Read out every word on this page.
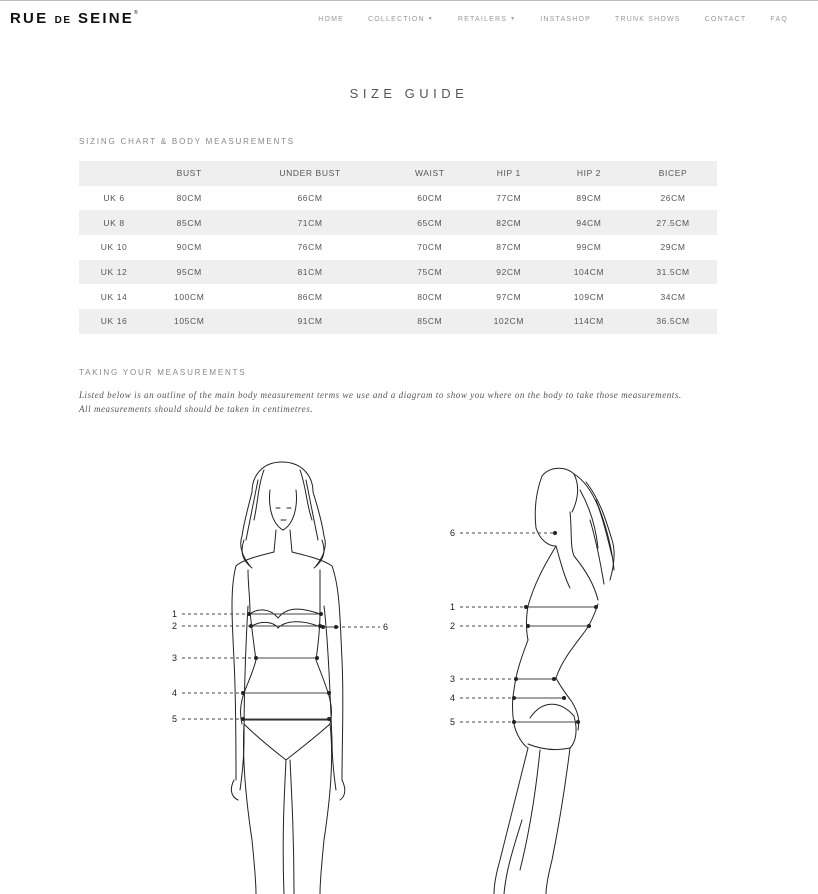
RUE DE SEINE®
HOME	COLLECTION ▼	RETAILERS ▼	INSTASHOP	TRUNK SHOWS	CONTACT	FAQ
SIZE GUIDE
SIZING CHART & BODY MEASUREMENTS
	BUST	UNDER BUST	WAIST	HIP 1	HIP 2	BICEP
UK 6	80CM	66CM	60CM	77CM	89CM	26CM
UK 8	85CM	71CM	65CM	82CM	94CM	27.5CM
UK 10	90CM	76CM	70CM	87CM	99CM	29CM
UK 12	95CM	81CM	75CM	92CM	104CM	31.5CM
UK 14	100CM	86CM	80CM	97CM	109CM	34CM
UK 16	105CM	91CM	85CM	102CM	114CM	36.5CM
TAKING YOUR MEASUREMENTS
Listed below is an outline of the main body measurement terms we use and a diagram to show you where on the body to take those measurements.
All measurements should should be taken in centimetres.
1
2
3
4
5
6
6
1
2
3
4
5
